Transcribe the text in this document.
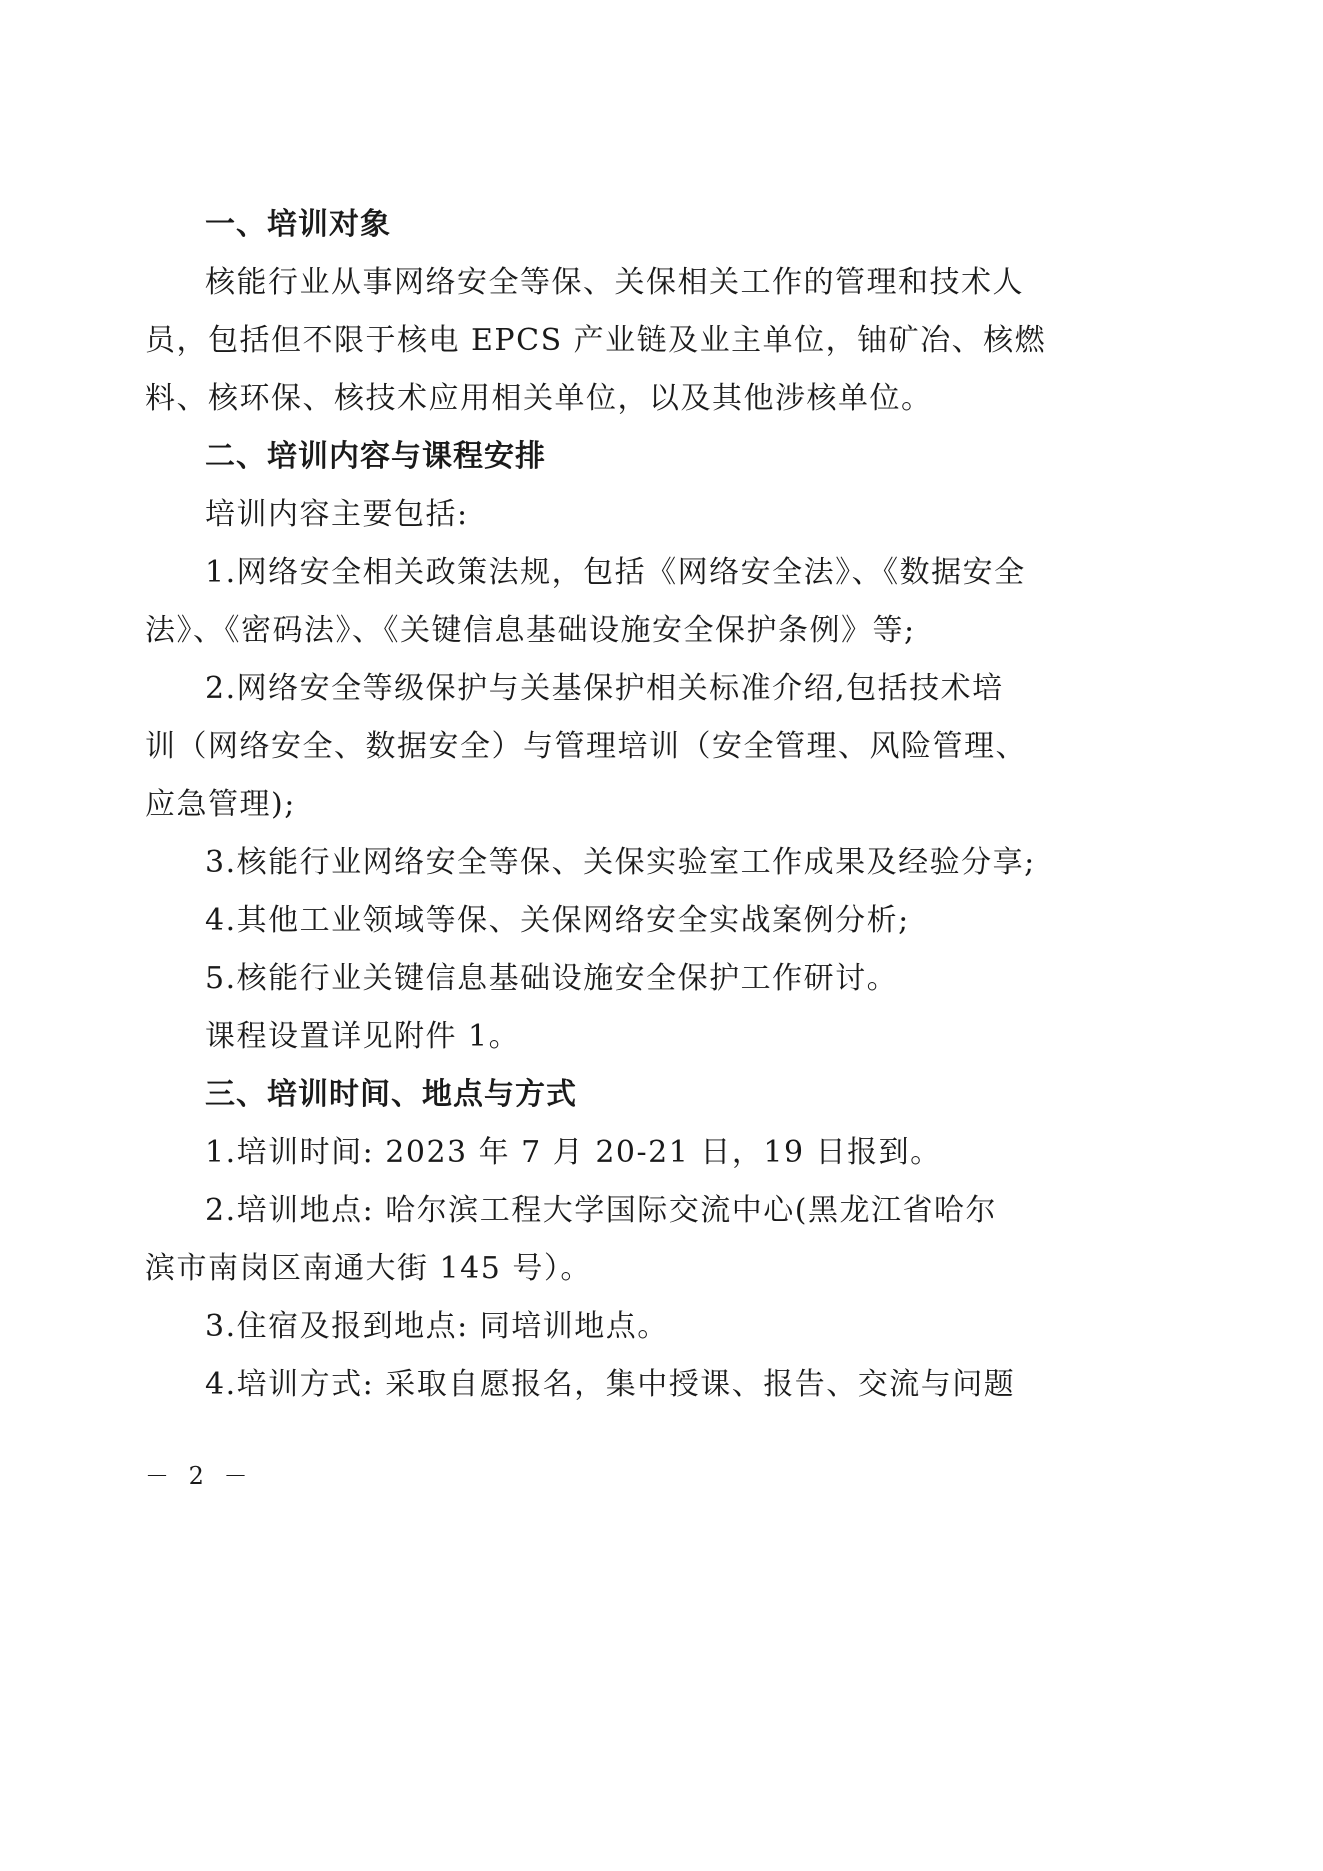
一、培训对象
核能行业从事网络安全等保、关保相关工作的管理和技术人
员，包括但不限于核电 EPCS 产业链及业主单位，铀矿冶、核燃
料、核环保、核技术应用相关单位，以及其他涉核单位。
二、培训内容与课程安排
培训内容主要包括:
1.网络安全相关政策法规，包括《网络安全法》、《数据安全
法》、《密码法》、《关键信息基础设施安全保护条例》等;
2.网络安全等级保护与关基保护相关标准介绍,包括技术培
训（网络安全、数据安全）与管理培训（安全管理、风险管理、
应急管理);
3.核能行业网络安全等保、关保实验室工作成果及经验分享;
4.其他工业领域等保、关保网络安全实战案例分析;
5.核能行业关键信息基础设施安全保护工作研讨。
课程设置详见附件 1。
三、培训时间、地点与方式
1.培训时间: 2023 年 7 月 20-21 日，19 日报到。
2.培训地点: 哈尔滨工程大学国际交流中心(黑龙江省哈尔
滨市南岗区南通大街 145 号）。
3.住宿及报到地点: 同培训地点。
4.培训方式: 采取自愿报名，集中授课、报告、交流与问题
－ 2 －
